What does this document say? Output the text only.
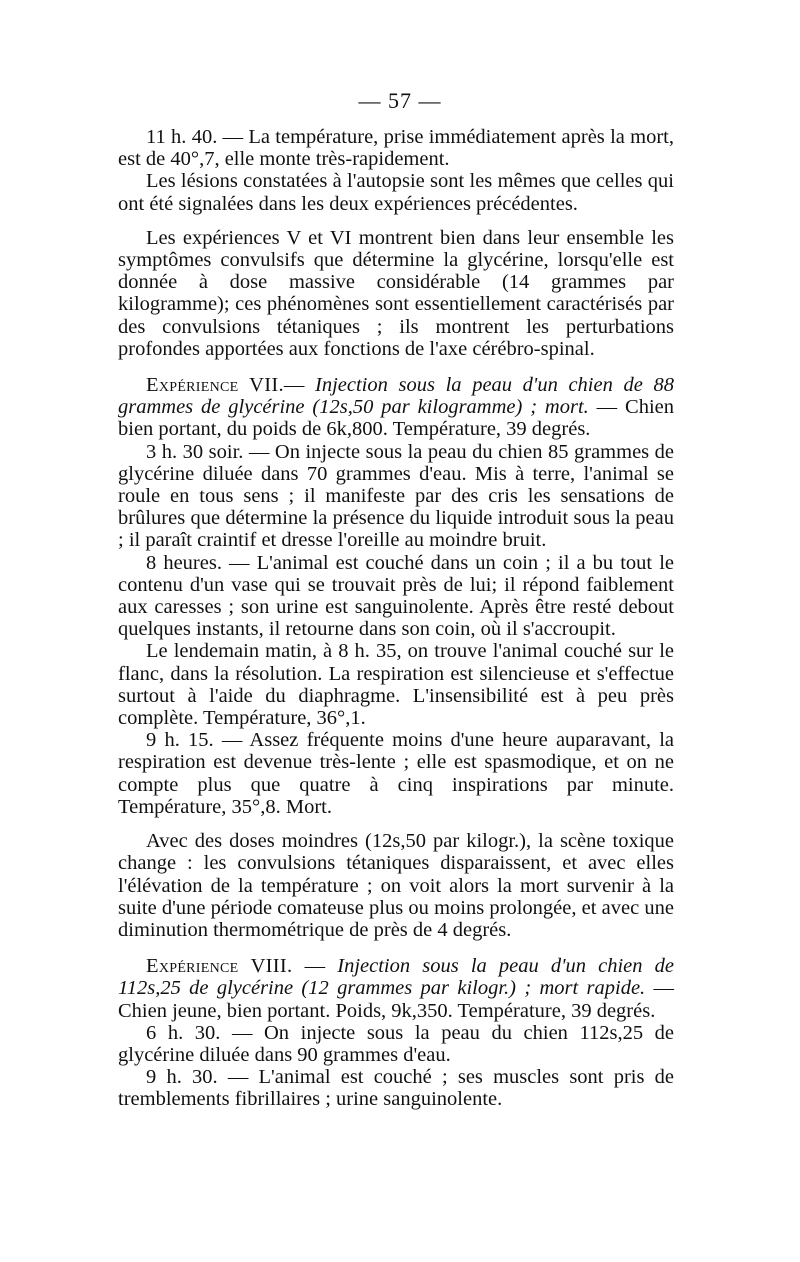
— 57 —

11 h. 40. — La température, prise immédiatement après la mort, est de 40°,7, elle monte très-rapidement.

Les lésions constatées à l'autopsie sont les mêmes que celles qui ont été signalées dans les deux expériences précédentes.

Les expériences V et VI montrent bien dans leur ensemble les symptômes convulsifs que détermine la glycérine, lorsqu'elle est donnée à dose massive considérable (14 grammes par kilogramme); ces phénomènes sont essentiellement caractérisés par des convulsions tétaniques ; ils montrent les perturbations profondes apportées aux fonctions de l'axe cérébro-spinal.

Expérience VII.— Injection sous la peau d'un chien de 88 grammes de glycérine (12s,50 par kilogramme) ; mort. — Chien bien portant, du poids de 6k,800. Température, 39 degrés.

3 h. 30 soir. — On injecte sous la peau du chien 85 grammes de glycérine diluée dans 70 grammes d'eau. Mis à terre, l'animal se roule en tous sens ; il manifeste par des cris les sensations de brûlures que détermine la présence du liquide introduit sous la peau ; il paraît craintif et dresse l'oreille au moindre bruit.

8 heures. — L'animal est couché dans un coin ; il a bu tout le contenu d'un vase qui se trouvait près de lui; il répond faiblement aux caresses ; son urine est sanguinolente. Après être resté debout quelques instants, il retourne dans son coin, où il s'accroupit.

Le lendemain matin, à 8 h. 35, on trouve l'animal couché sur le flanc, dans la résolution. La respiration est silencieuse et s'effectue surtout à l'aide du diaphragme. L'insensibilité est à peu près complète. Température, 36°,1.

9 h. 15. — Assez fréquente moins d'une heure auparavant, la respiration est devenue très-lente ; elle est spasmodique, et on ne compte plus que quatre à cinq inspirations par minute. Température, 35°,8. Mort.

Avec des doses moindres (12s,50 par kilogr.), la scène toxique change : les convulsions tétaniques disparaissent, et avec elles l'élévation de la température ; on voit alors la mort survenir à la suite d'une période comateuse plus ou moins prolongée, et avec une diminution thermométrique de près de 4 degrés.

Expérience VIII. — Injection sous la peau d'un chien de 112s,25 de glycérine (12 grammes par kilogr.) ; mort rapide. — Chien jeune, bien portant. Poids, 9k,350. Température, 39 degrés.

6 h. 30. — On injecte sous la peau du chien 112s,25 de glycérine diluée dans 90 grammes d'eau.

9 h. 30. — L'animal est couché ; ses muscles sont pris de tremblements fibrillaires ; urine sanguinolente.
